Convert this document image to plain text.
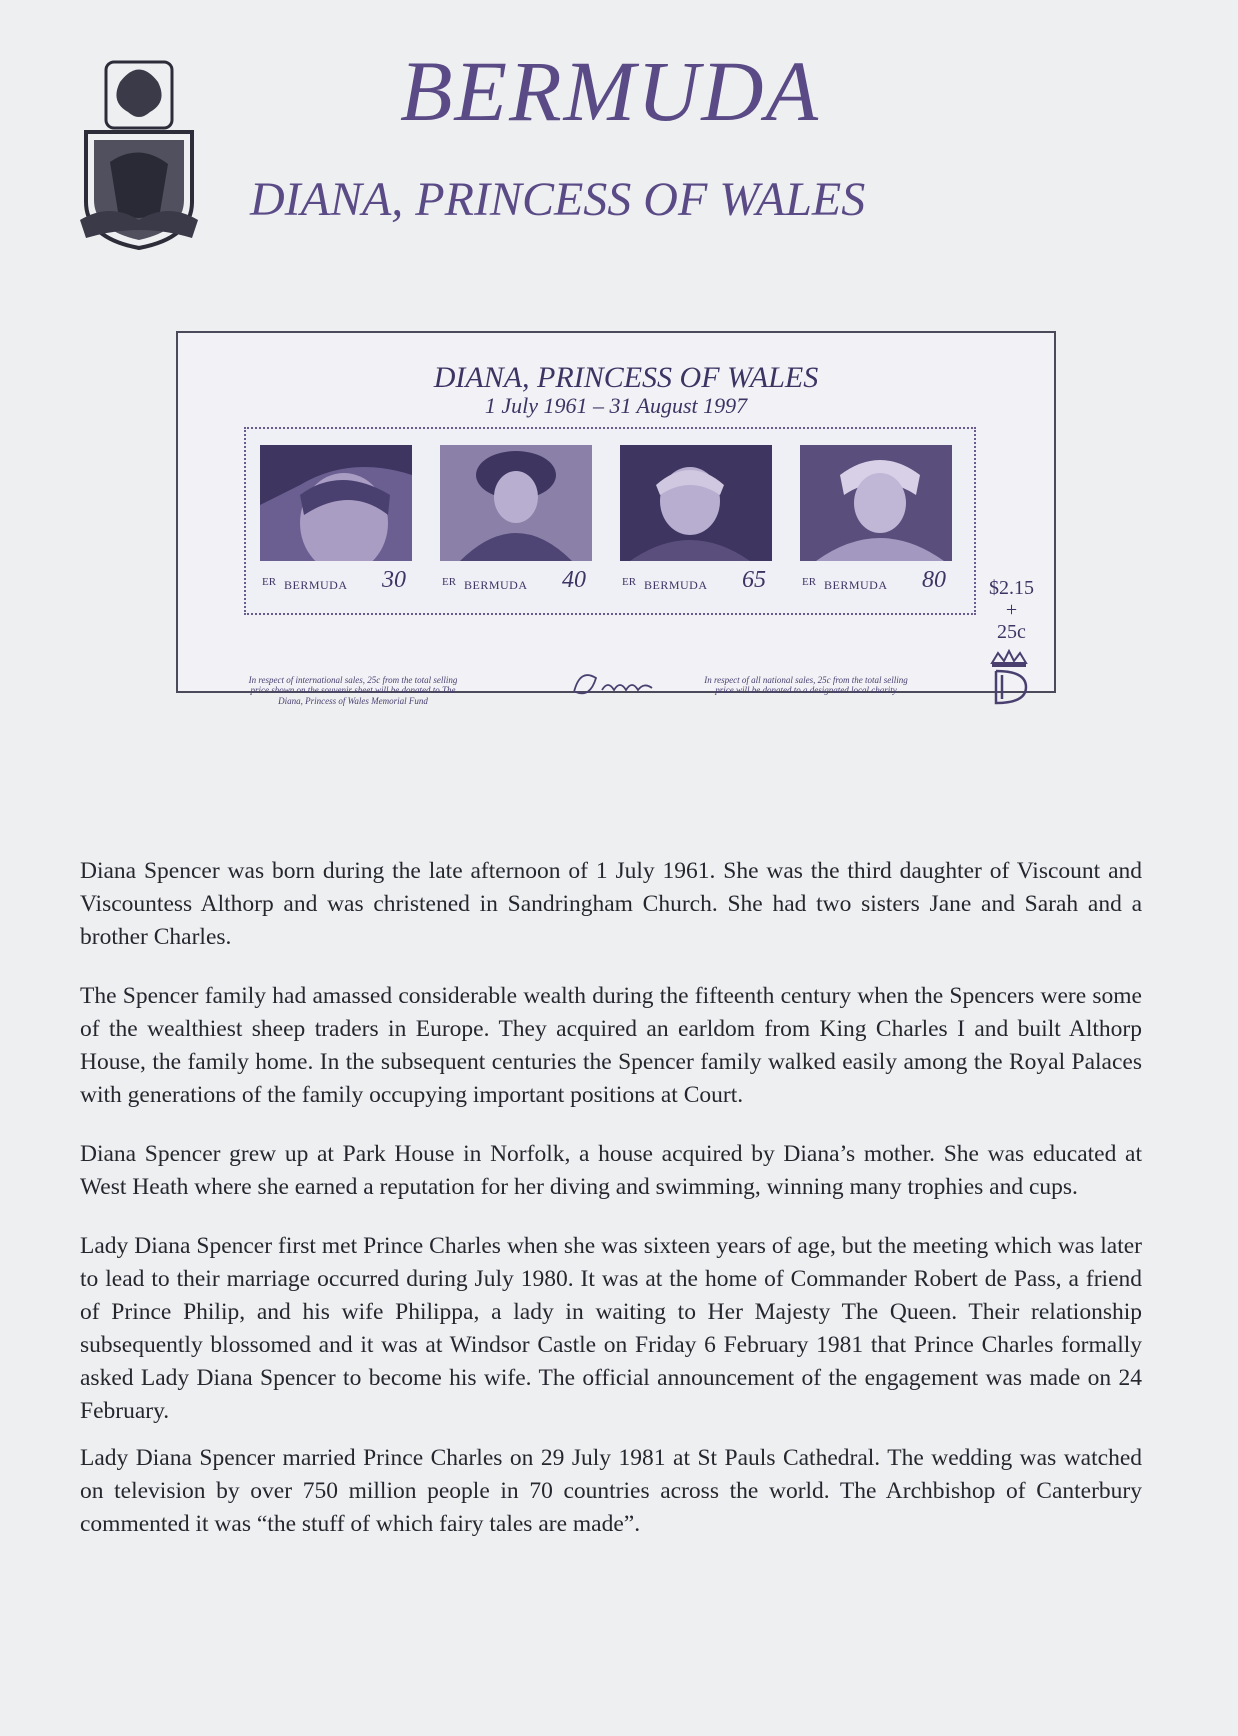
BERMUDA
DIANA, PRINCESS OF WALES
DIANA, PRINCESS OF WALES
1 July 1961 – 31 August 1997
ER BERMUDA 30	ER BERMUDA 40	ER BERMUDA 65	ER BERMUDA 80 $2.15
+
25c
In respect of international sales, 25c from the total selling price shown on the souvenir sheet will be donated to The Diana, Princess of Wales Memorial Fund
In respect of all national sales, 25c from the total selling price will be donated to a designated local charity

Diana Spencer was born during the late afternoon of 1 July 1961. She was the third daughter of Viscount and Viscountess Althorp and was christened in Sandringham Church. She had two sisters Jane and Sarah and a brother Charles.

The Spencer family had amassed considerable wealth during the fifteenth century when the Spencers were some of the wealthiest sheep traders in Europe. They acquired an earldom from King Charles I and built Althorp House, the family home. In the subsequent centuries the Spencer family walked easily among the Royal Palaces with generations of the family occupying important positions at Court.

Diana Spencer grew up at Park House in Norfolk, a house acquired by Diana’s mother. She was educated at West Heath where she earned a reputation for her diving and swimming, winning many trophies and cups.

Lady Diana Spencer first met Prince Charles when she was sixteen years of age, but the meeting which was later to lead to their marriage occurred during July 1980. It was at the home of Commander Robert de Pass, a friend of Prince Philip, and his wife Philippa, a lady in waiting to Her Majesty The Queen. Their relationship subsequently blossomed and it was at Windsor Castle on Friday 6 February 1981 that Prince Charles formally asked Lady Diana Spencer to become his wife. The official announcement of the engagement was made on 24 February.

Lady Diana Spencer married Prince Charles on 29 July 1981 at St Pauls Cathedral. The wedding was watched on television by over 750 million people in 70 countries across the world. The Archbishop of Canterbury commented it was “the stuff of which fairy tales are made”.
